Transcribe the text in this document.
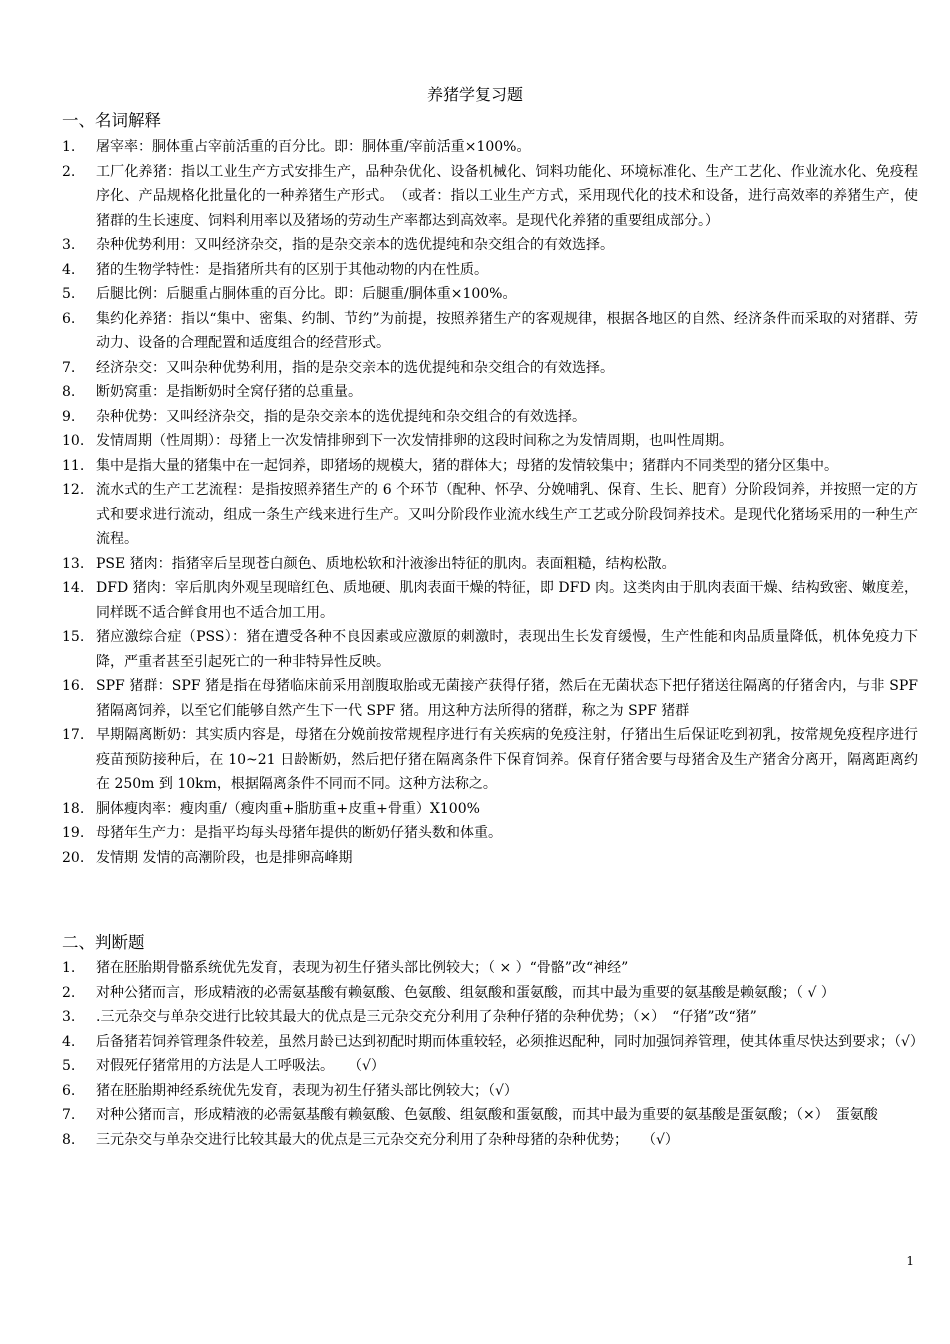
养猪学复习题
一、名词解释
1.	屠宰率：胴体重占宰前活重的百分比。即：胴体重/宰前活重×100%。
2.	工厂化养猪：指以工业生产方式安排生产，品种杂优化、设备机械化、饲料功能化、环境标准化、生产工艺化、作业流水化、免疫程序化、产品规格化批量化的一种养猪生产形式。　（或者：指以工业生产方式，采用现代化的技术和设备，进行高效率的养猪生产，使猪群的生长速度、饲料利用率以及猪场的劳动生产率都达到高效率。是现代化养猪的重要组成部分。）
3.	杂种优势利用：又叫经济杂交，指的是杂交亲本的选优提纯和杂交组合的有效选择。
4.	猪的生物学特性：是指猪所共有的区别于其他动物的内在性质。
5.	后腿比例：后腿重占胴体重的百分比。即：后腿重/胴体重×100%。
6.	集约化养猪：指以“集中、密集、约制、节约”为前提，按照养猪生产的客观规律，根据各地区的自然、经济条件而采取的对猪群、劳动力、设备的合理配置和适度组合的经营形式。
7.	经济杂交：又叫杂种优势利用，指的是杂交亲本的选优提纯和杂交组合的有效选择。
8.	断奶窝重：是指断奶时全窝仔猪的总重量。
9.	杂种优势：又叫经济杂交，指的是杂交亲本的选优提纯和杂交组合的有效选择。
10. 发情周期（性周期）：母猪上一次发情排卵到下一次发情排卵的这段时间称之为发情周期，也叫性周期。
11. 集中是指大量的猪集中在一起饲养，即猪场的规模大，猪的群体大；母猪的发情较集中；猪群内不同类型的猪分区集中。
12. 流水式的生产工艺流程：是指按照养猪生产的 6 个环节（配种、怀孕、分娩哺乳、保育、生长、肥育）分阶段饲养，并按照一定的方式和要求进行流动，组成一条生产线来进行生产。又叫分阶段作业流水线生产工艺或分阶段饲养技术。是现代化猪场采用的一种生产流程。
13. PSE 猪肉：指猪宰后呈现苍白颜色、质地松软和汁液渗出特征的肌肉。表面粗糙，结构松散。
14. DFD 猪肉：宰后肌肉外观呈现暗红色、质地硬、肌肉表面干燥的特征，即 DFD 肉。这类肉由于肌肉表面干燥、结构致密、嫩度差，同样既不适合鲜食用也不适合加工用。
15. 猪应激综合症（PSS）：猪在遭受各种不良因素或应激原的刺激时，表现出生长发育缓慢，生产性能和肉品质量降低，机体免疫力下降，严重者甚至引起死亡的一种非特异性反映。
16. SPF 猪群：SPF 猪是指在母猪临床前采用剖腹取胎或无菌接产获得仔猪，然后在无菌状态下把仔猪送往隔离的仔猪舍内，与非 SPF 猪隔离饲养，以至它们能够自然产生下一代 SPF 猪。用这种方法所得的猪群，称之为 SPF 猪群
17. 早期隔离断奶：其实质内容是，母猪在分娩前按常规程序进行有关疾病的免疫注射，仔猪出生后保证吃到初乳，按常规免疫程序进行疫苗预防接种后，在 10~21 日龄断奶，然后把仔猪在隔离条件下保育饲养。保育仔猪舍要与母猪舍及生产猪舍分离开，隔离距离约在 250m 到 10km，根据隔离条件不同而不同。这种方法称之。
18. 胴体瘦肉率：瘦肉重/（瘦肉重+脂肪重+皮重+骨重）X100%
19. 母猪年生产力：是指平均每头母猪年提供的断奶仔猪头数和体重。
20. 发情期 发情的高潮阶段，也是排卵高峰期
二、判断题
1.	猪在胚胎期骨骼系统优先发育，表现为初生仔猪头部比例较大；（ × ）“骨骼”改“神经”
2.	对种公猪而言，形成精液的必需氨基酸有赖氨酸、色氨酸、组氨酸和蛋氨酸，而其中最为重要的氨基酸是赖氨酸；（ √ ）
3.	.三元杂交与单杂交进行比较其最大的优点是三元杂交充分利用了杂种仔猪的杂种优势；（×）　“仔猪”改“猪”
4.	后备猪若饲养管理条件较差，虽然月龄已达到初配时期而体重较轻，必须推迟配种，同时加强饲养管理，使其体重尽快达到要求；（√）
5.	对假死仔猪常用的方法是人工呼吸法。　　（√）
6.	猪在胚胎期神经系统优先发育，表现为初生仔猪头部比例较大；（√）
7.	对种公猪而言，形成精液的必需氨基酸有赖氨酸、色氨酸、组氨酸和蛋氨酸，而其中最为重要的氨基酸是蛋氨酸；（×）　蛋氨酸
8.	三元杂交与单杂交进行比较其最大的优点是三元杂交充分利用了杂种母猪的杂种优势；　　（√）
1
